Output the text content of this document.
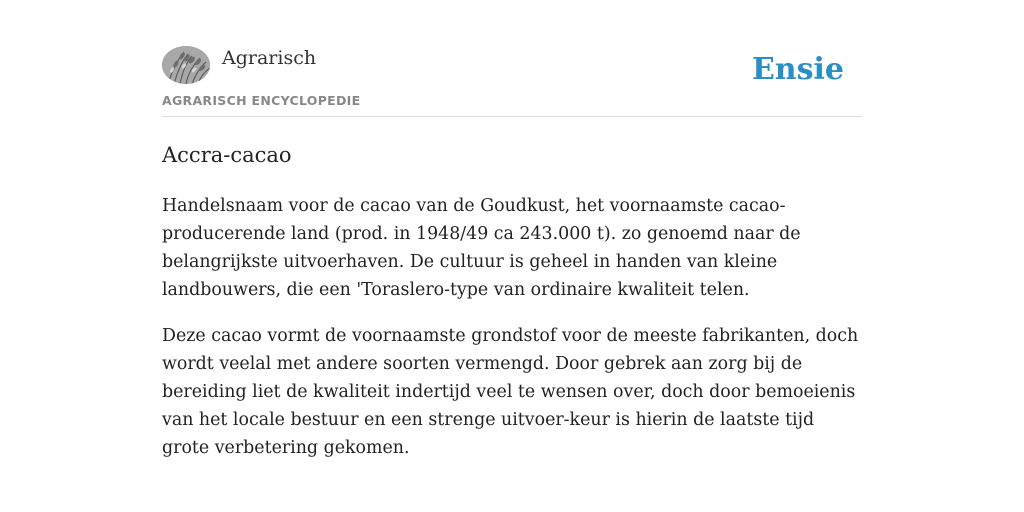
Agrarisch
AGRARISCH ENCYCLOPEDIE
Ensie
Accra-cacao

Handelsnaam voor de cacao van de Goudkust, het voornaamste cacao-producerende land (prod. in 1948/49 ca 243.000 t). zo genoemd naar de belangrijkste uitvoerhaven. De cultuur is geheel in handen van kleine landbouwers, die een 'Toraslero-type van ordinaire kwaliteit telen.

Deze cacao vormt de voornaamste grondstof voor de meeste fabrikanten, doch wordt veelal met andere soorten vermengd. Door gebrek aan zorg bij de bereiding liet de kwaliteit indertijd veel te wensen over, doch door bemoeienis van het locale bestuur en een strenge uitvoer-keur is hierin de laatste tijd grote verbetering gekomen.
